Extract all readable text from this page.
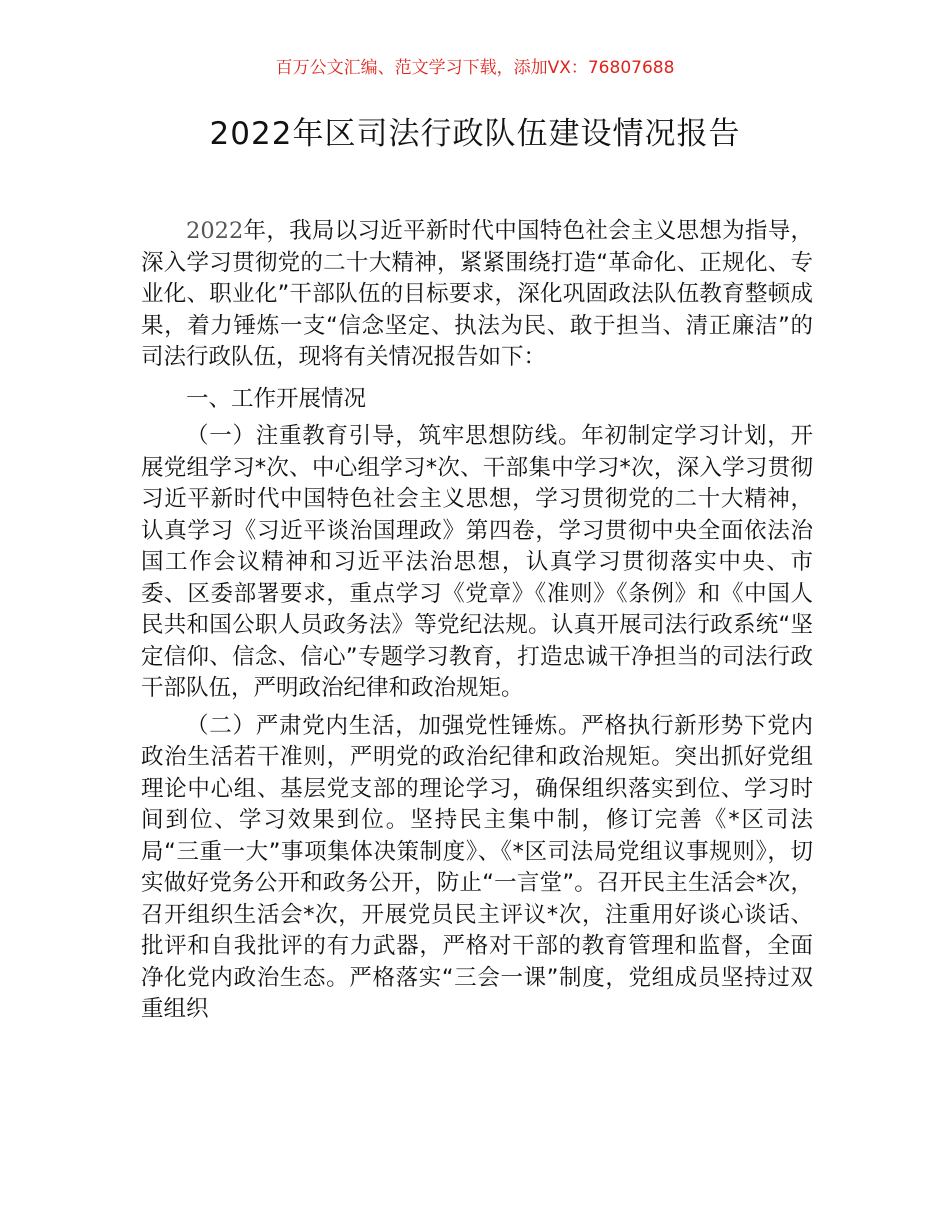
百万公文汇编、范文学习下载，添加VX：76807688
2022年区司法行政队伍建设情况报告

2022年，我局以习近平新时代中国特色社会主义思想为指导，深入学习贯彻党的二十大精神，紧紧围绕打造“革命化、正规化、专业化、职业化”干部队伍的目标要求，深化巩固政法队伍教育整顿成果，着力锤炼一支“信念坚定、执法为民、敢于担当、清正廉洁”的司法行政队伍，现将有关情况报告如下：

一、工作开展情况

（一）注重教育引导，筑牢思想防线。年初制定学习计划，开展党组学习*次、中心组学习*次、干部集中学习*次，深入学习贯彻习近平新时代中国特色社会主义思想，学习贯彻党的二十大精神，认真学习《习近平谈治国理政》第四卷，学习贯彻中央全面依法治国工作会议精神和习近平法治思想，认真学习贯彻落实中央、市委、区委部署要求，重点学习《党章》《准则》《条例》和《中国人民共和国公职人员政务法》等党纪法规。认真开展司法行政系统“坚定信仰、信念、信心”专题学习教育，打造忠诚干净担当的司法行政干部队伍，严明政治纪律和政治规矩。

（二）严肃党内生活，加强党性锤炼。严格执行新形势下党内政治生活若干准则，严明党的政治纪律和政治规矩。突出抓好党组理论中心组、基层党支部的理论学习，确保组织落实到位、学习时间到位、学习效果到位。坚持民主集中制，修订完善《*区司法局“三重一大”事项集体决策制度》、《*区司法局党组议事规则》，切实做好党务公开和政务公开，防止“一言堂”。召开民主生活会*次，召开组织生活会*次，开展党员民主评议*次，注重用好谈心谈话、批评和自我批评的有力武器，严格对干部的教育管理和监督，全面净化党内政治生态。严格落实“三会一课”制度，党组成员坚持过双重组织
